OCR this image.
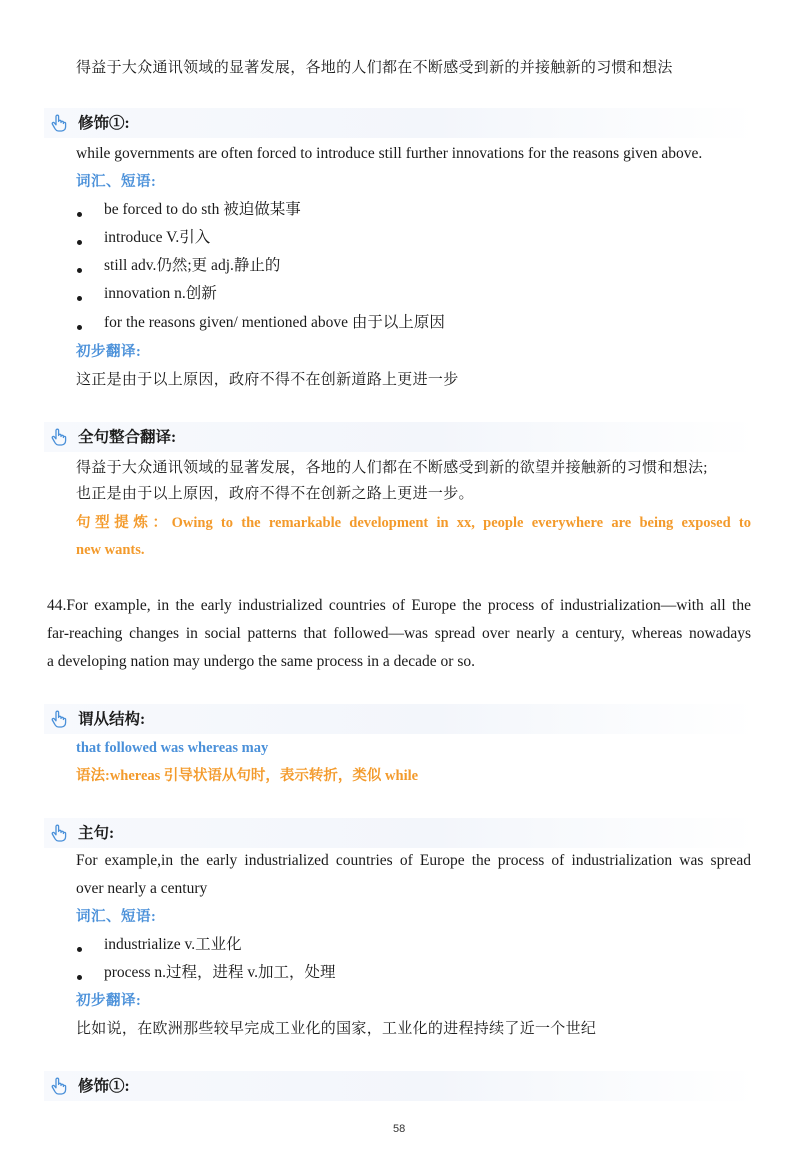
得益于大众通讯领域的显著发展，各地的人们都在不断感受到新的并接触新的习惯和想法
修饰①:
while governments are often forced to introduce still further innovations for the reasons given above.
词汇、短语:
be forced to do sth 被迫做某事
introduce V.引入
still adv.仍然;更 adj.静止的
innovation n.创新
for the reasons given/ mentioned above 由于以上原因
初步翻译:
这正是由于以上原因，政府不得不在创新道路上更进一步
全句整合翻译:
得益于大众通讯领域的显著发展，各地的人们都在不断感受到新的欲望并接触新的习惯和想法;
也正是由于以上原因，政府不得不在创新之路上更进一步。
句型提炼：Owing to the remarkable development in xx, people everywhere are being exposed to
new wants.
44.For example, in the early industrialized countries of Europe the process of industrialization—with all the
far-reaching changes in social patterns that followed—was spread over nearly a century, whereas nowadays
a developing nation may undergo the same process in a decade or so.
谓从结构:
that followed was whereas may
语法:whereas 引导状语从句时，表示转折，类似 while
主句:
For example,in the early industrialized countries of Europe the process of industrialization was spread
over nearly a century
词汇、短语:
industrialize v.工业化
process n.过程，进程 v.加工，处理
初步翻译:
比如说，在欧洲那些较早完成工业化的国家，工业化的进程持续了近一个世纪
修饰①:
58
